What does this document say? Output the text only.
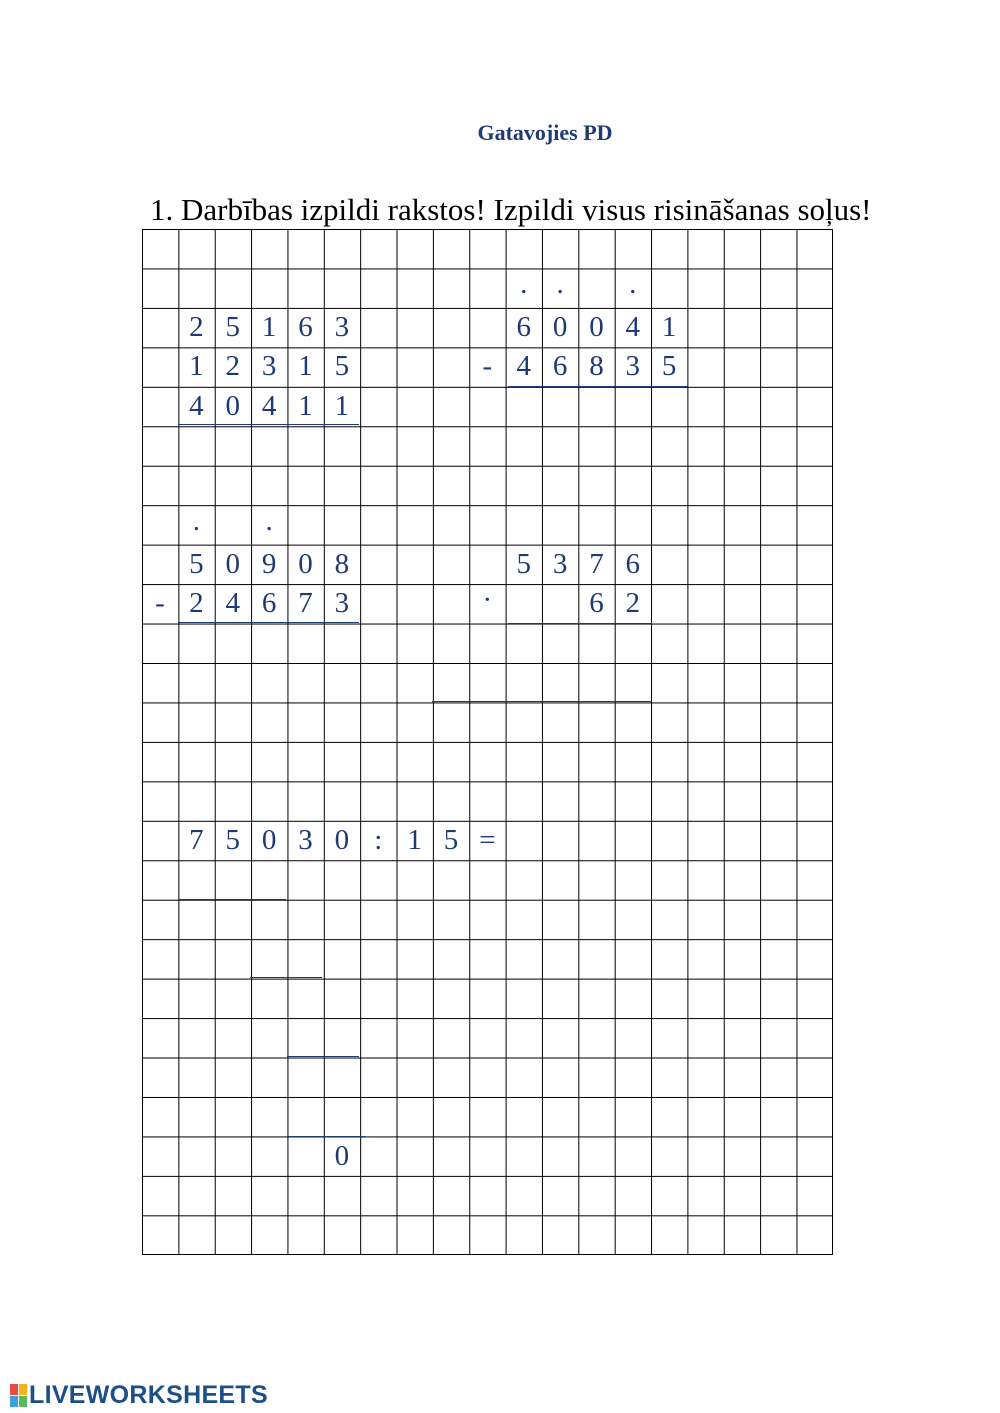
Gatavojies PD
1. Darbības izpildi rakstos! Izpildi visus risināšanas soļus!
.	.	.
2 5 1 6 3	6 0 0 4 1
1 2 3 1 5	- 4 6 8 3 5
4 0 4 1 1
.	.
5 0 9 0 8	5 3 7 6
- 2 4 6 7 3	·	6 2
7 5 0 3 0 : 1 5 =
0
LIVEWORKSHEETS
